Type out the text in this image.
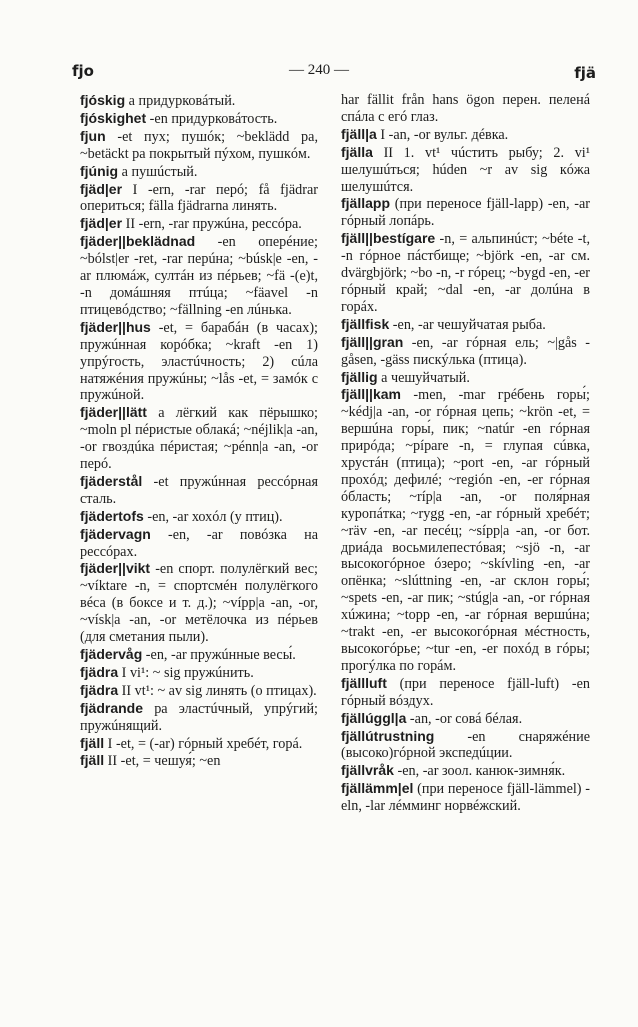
fjo	— 240 —	fjä

fjóskig a придурковáтый.

fjóskighet -en придурковáтость.

fjun -et пух; пушóк; ~beklädd pa, ~betäckt pa покрытый пýхом, пушкóм.

fjúnig a пушúстый.

fjäd|er I -ern, -rar перó; få fjädrar опериться; fälla fjädrarna линять.

fjäd|er II -ern, -rar пружúна, peccóра.

fjäder||beklädnad -en оперéние; ~bólst|er -ret, -rar перúна; ~búsk|e -en, -ar плюмáж, султáн из пéрьев; ~fä -(e)t, -n домáшняя птúца; ~fäavel -n птицевóдство; ~fällning -en лúнька.

fjäder||hus -et, = барабáн (в часах); пружúнная корóбка; ~kraft -en 1) упрýгость, эластúчность; 2) сúла натяжéния пружúны; ~lås -et, = замóк с пружúной.

fjäder||lätt a лёгкий как пёрышко; ~moln pl пéристые облакá; ~néjlik|a -an, -or гвоздúка пéристая; ~pénn|a -an, -or перó.

fjäderstål -et пружúнная peccóрная сталь.

fjädertofs -en, -ar хохóл (у птиц).

fjädervagn -en, -ar повóзка на peccóрах.

fjäder||vikt -en спорт. полулёгкий вес; ~víktare -n, = спортсмéн полулёгкого вéса (в боксе и т. д.); ~vípp|a -an, -or, ~vísk|a -an, -or метёлочка из пéрьев (для сметания пыли).

fjädervåg -en, -ar пружúнные весы́.

fjädra I vi¹: ~ sig пружúнить.

fjädra II vt¹: ~ av sig линять (о птицах).

fjädrande pa эластúчный, упрýгий; пружúнящий.

fjäll I -et, = (-ar) гóрный хребéт, горá.

fjäll II -et, = чешуя́; ~en

har fällit från hans ögon перен. пеленá спáла с егó глаз.

fjäll|a I -an, -or вульг. дéвка.

fjälla II 1. vt¹ чúстить рыбу; 2. vi¹ шелушúться; húden ~r av sig кóжа шелушúтся.

fjällapp (при переносе fjäll-lapp) -en, -ar гóрный лопáрь.

fjäll||bestígare -n, = альпинúст; ~béte -t, -n гóрное пáстбище; ~björk -en, -ar см. dvärgbjörk; ~bo -n, -r гóрец; ~bygd -en, -er гóрный край; ~dal -en, -ar долúна в горáх.

fjällfisk -en, -ar чешуйчатая рыба.

fjäll||gran -en, -ar гóрная ель; ~|gås -gåsen, -gäss пискýлька (птица).

fjällig a чешуйчатый.

fjäll||kam -men, -mar грéбень горы́; ~kédj|a -an, -or гóрная цепь; ~krön -et, = вершúна горы́, пик; ~natúr -en гóрная прирóда; ~pípare -n, = глупая сúвка, хрустáн (птица); ~port -en, -ar гóрный прохóд; дефилé; ~región -en, -er гóрная óбласть; ~ríp|a -an, -or поля́рная курoпáтка; ~rygg -en, -ar гóрный хребéт; ~räv -en, -ar песéц; ~sípp|a -an, -or бот. дриáда восьмилепестóвая; ~sjö -n, -ar высокогóрное óзеро; ~skívling -en, -ar опёнка; ~slúttning -en, -ar склон горы́; ~spets -en, -ar пик; ~stúg|a -an, -or гóрная хúжина; ~topp -en, -ar гóрная вершúна; ~trakt -en, -er высокогóрная мéстность, высокогóрье; ~tur -en, -er похóд в гóры; прогýлка по горáм.

fjällluft (при переносе fjäll-luft) -en гóрный вóздух.

fjällúggl|a -an, -or совá бéлая.

fjällútrustning -en снаряжéние (высоко)гóрной экспедúции.

fjällvråk -en, -ar зоол. канюк-зимня́к.

fjällämm|el (при переносе fjäll-lämmel) -eln, -lar лéмминг норвéжский.
